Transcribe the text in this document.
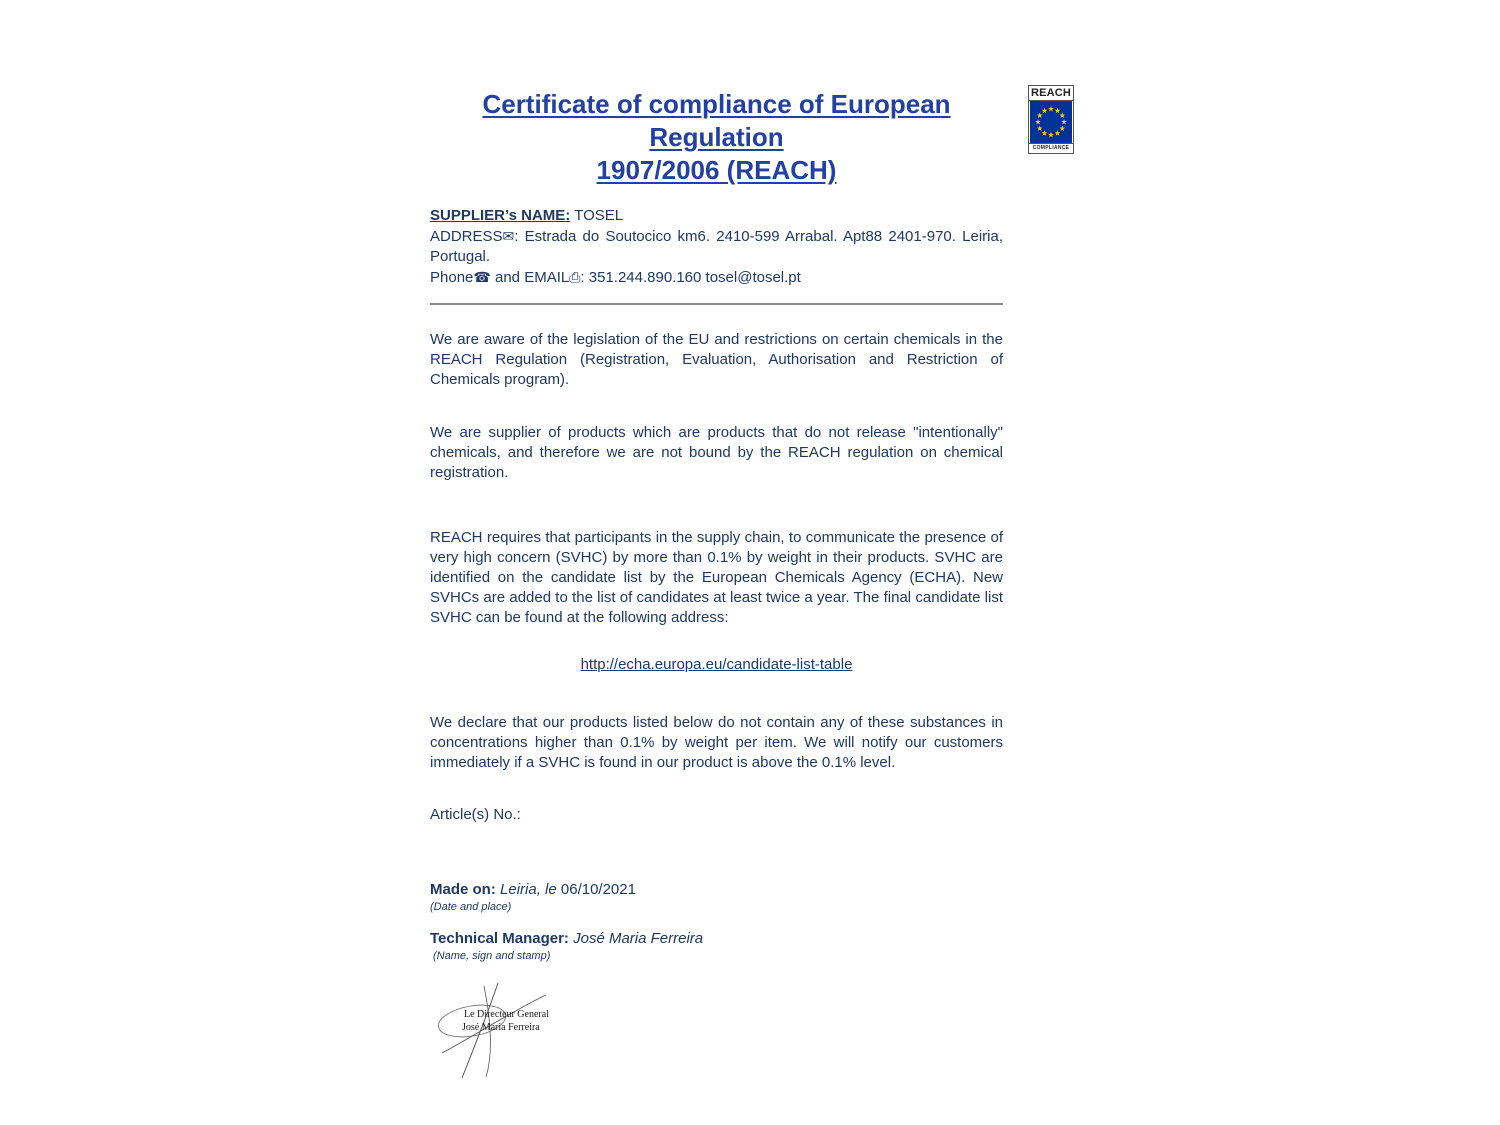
REACH
COMPLIANCE
Certificate of compliance of European Regulation
1907/2006 (REACH)
SUPPLIER’s NAME: TOSEL
ADDRESS✉: Estrada do Soutocico km6. 2410-599 Arrabal. Apt88 2401-970. Leiria, Portugal.
Phone☎ and EMAIL⎙: 351.244.890.160 tosel@tosel.pt

We are aware of the legislation of the EU and restrictions on certain chemicals in the REACH Regulation (Registration, Evaluation, Authorisation and Restriction of Chemicals program).

We are supplier of products which are products that do not release "intentionally" chemicals, and therefore we are not bound by the REACH regulation on chemical registration.

REACH requires that participants in the supply chain, to communicate the presence of very high concern (SVHC) by more than 0.1% by weight in their products. SVHC are identified on the candidate list by the European Chemicals Agency (ECHA). New SVHCs are added to the list of candidates at least twice a year. The final candidate list SVHC can be found at the following address:

http://echa.europa.eu/candidate-list-table

We declare that our products listed below do not contain any of these substances in concentrations higher than 0.1% by weight per item. We will notify our customers immediately if a SVHC is found in our product is above the 0.1% level.

Article(s) No.:

Made on: Leiria, le 06/10/2021
(Date and place)
Technical Manager: José Maria Ferreira
(Name, sign and stamp)
Le Directeur General
José Maria Ferreira
